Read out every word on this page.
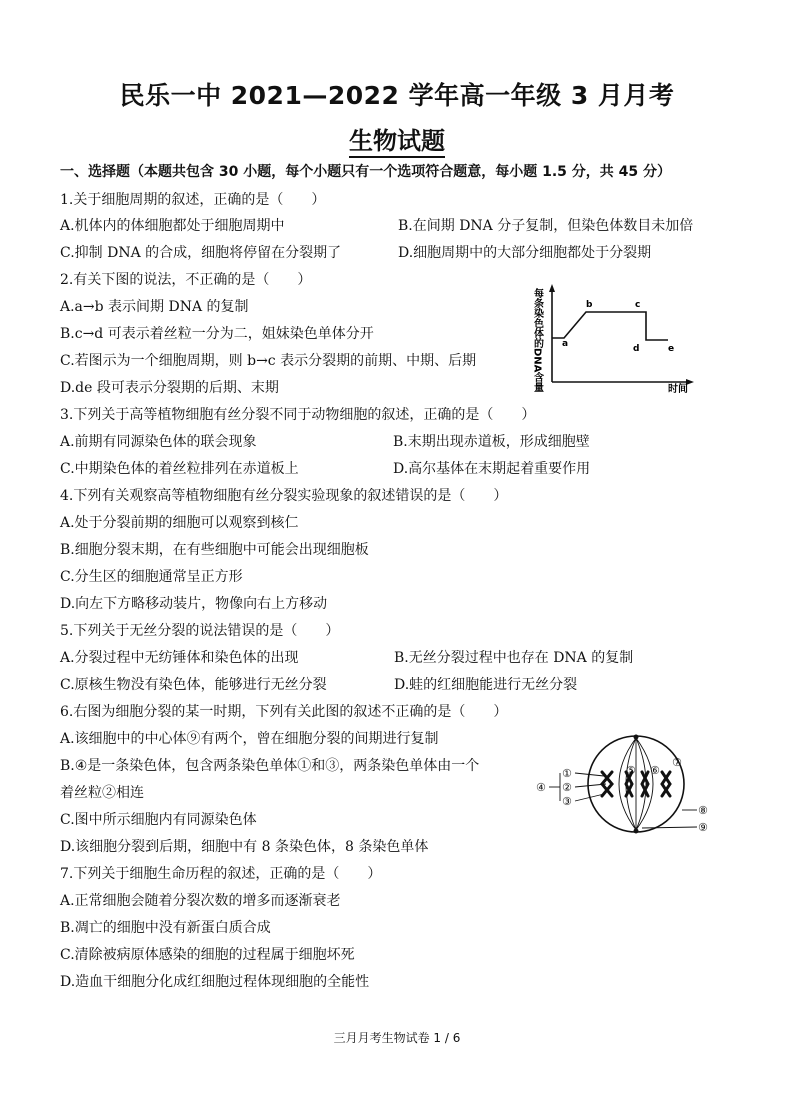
民乐一中 2021—2022 学年高一年级 3 月月考
生物试题
一、选择题（本题共包含 30 小题，每个小题只有一个选项符合题意，每小题 1.5 分，共 45 分）
1.关于细胞周期的叙述，正确的是（　　）
A.机体内的体细胞都处于细胞周期中	B.在间期 DNA 分子复制，但染色体数目未加倍
C.抑制 DNA 的合成，细胞将停留在分裂期了	D.细胞周期中的大部分细胞都处于分裂期
2.有关下图的说法，不正确的是（　　）
A.a→b 表示间期 DNA 的复制
B.c→d 可表示着丝粒一分为二，姐妹染色单体分开
C.若图示为一个细胞周期，则 b→c 表示分裂期的前期、中期、后期
D.de 段可表示分裂期的后期、末期	每条染色体的DNA含量 a
b	c
d	e
时间
3.下列关于高等植物细胞有丝分裂不同于动物细胞的叙述，正确的是（　　）
A.前期有同源染色体的联会现象	B.末期出现赤道板，形成细胞壁
C.中期染色体的着丝粒排列在赤道板上	D.高尔基体在末期起着重要作用
4.下列有关观察高等植物细胞有丝分裂实验现象的叙述错误的是（　　）
A.处于分裂前期的细胞可以观察到核仁
B.细胞分裂末期，在有些细胞中可能会出现细胞板
C.分生区的细胞通常呈正方形
D.向左下方略移动装片，物像向右上方移动
5.下列关于无丝分裂的说法错误的是（　　）
A.分裂过程中无纺锤体和染色体的出现	B.无丝分裂过程中也存在 DNA 的复制
C.原核生物没有染色体，能够进行无丝分裂	D.蛙的红细胞能进行无丝分裂
6.右图为细胞分裂的某一时期，下列有关此图的叙述不正确的是（　　）
A.该细胞中的中心体⑨有两个，曾在细胞分裂的间期进行复制
B.④是一条染色体，包含两条染色单体①和③，两条染色单体由一个
着丝粒②相连
C.图中所示细胞内有同源染色体
D.该细胞分裂到后期，细胞中有 8 条染色体，8 条染色单体
①
②
③
④
⑤ ⑥
⑦
⑧
⑨
7.下列关于细胞生命历程的叙述，正确的是（　　）
A.正常细胞会随着分裂次数的增多而逐渐衰老
B.凋亡的细胞中没有新蛋白质合成
C.清除被病原体感染的细胞的过程属于细胞坏死
D.造血干细胞分化成红细胞过程体现细胞的全能性
三月月考生物试卷 1 / 6
